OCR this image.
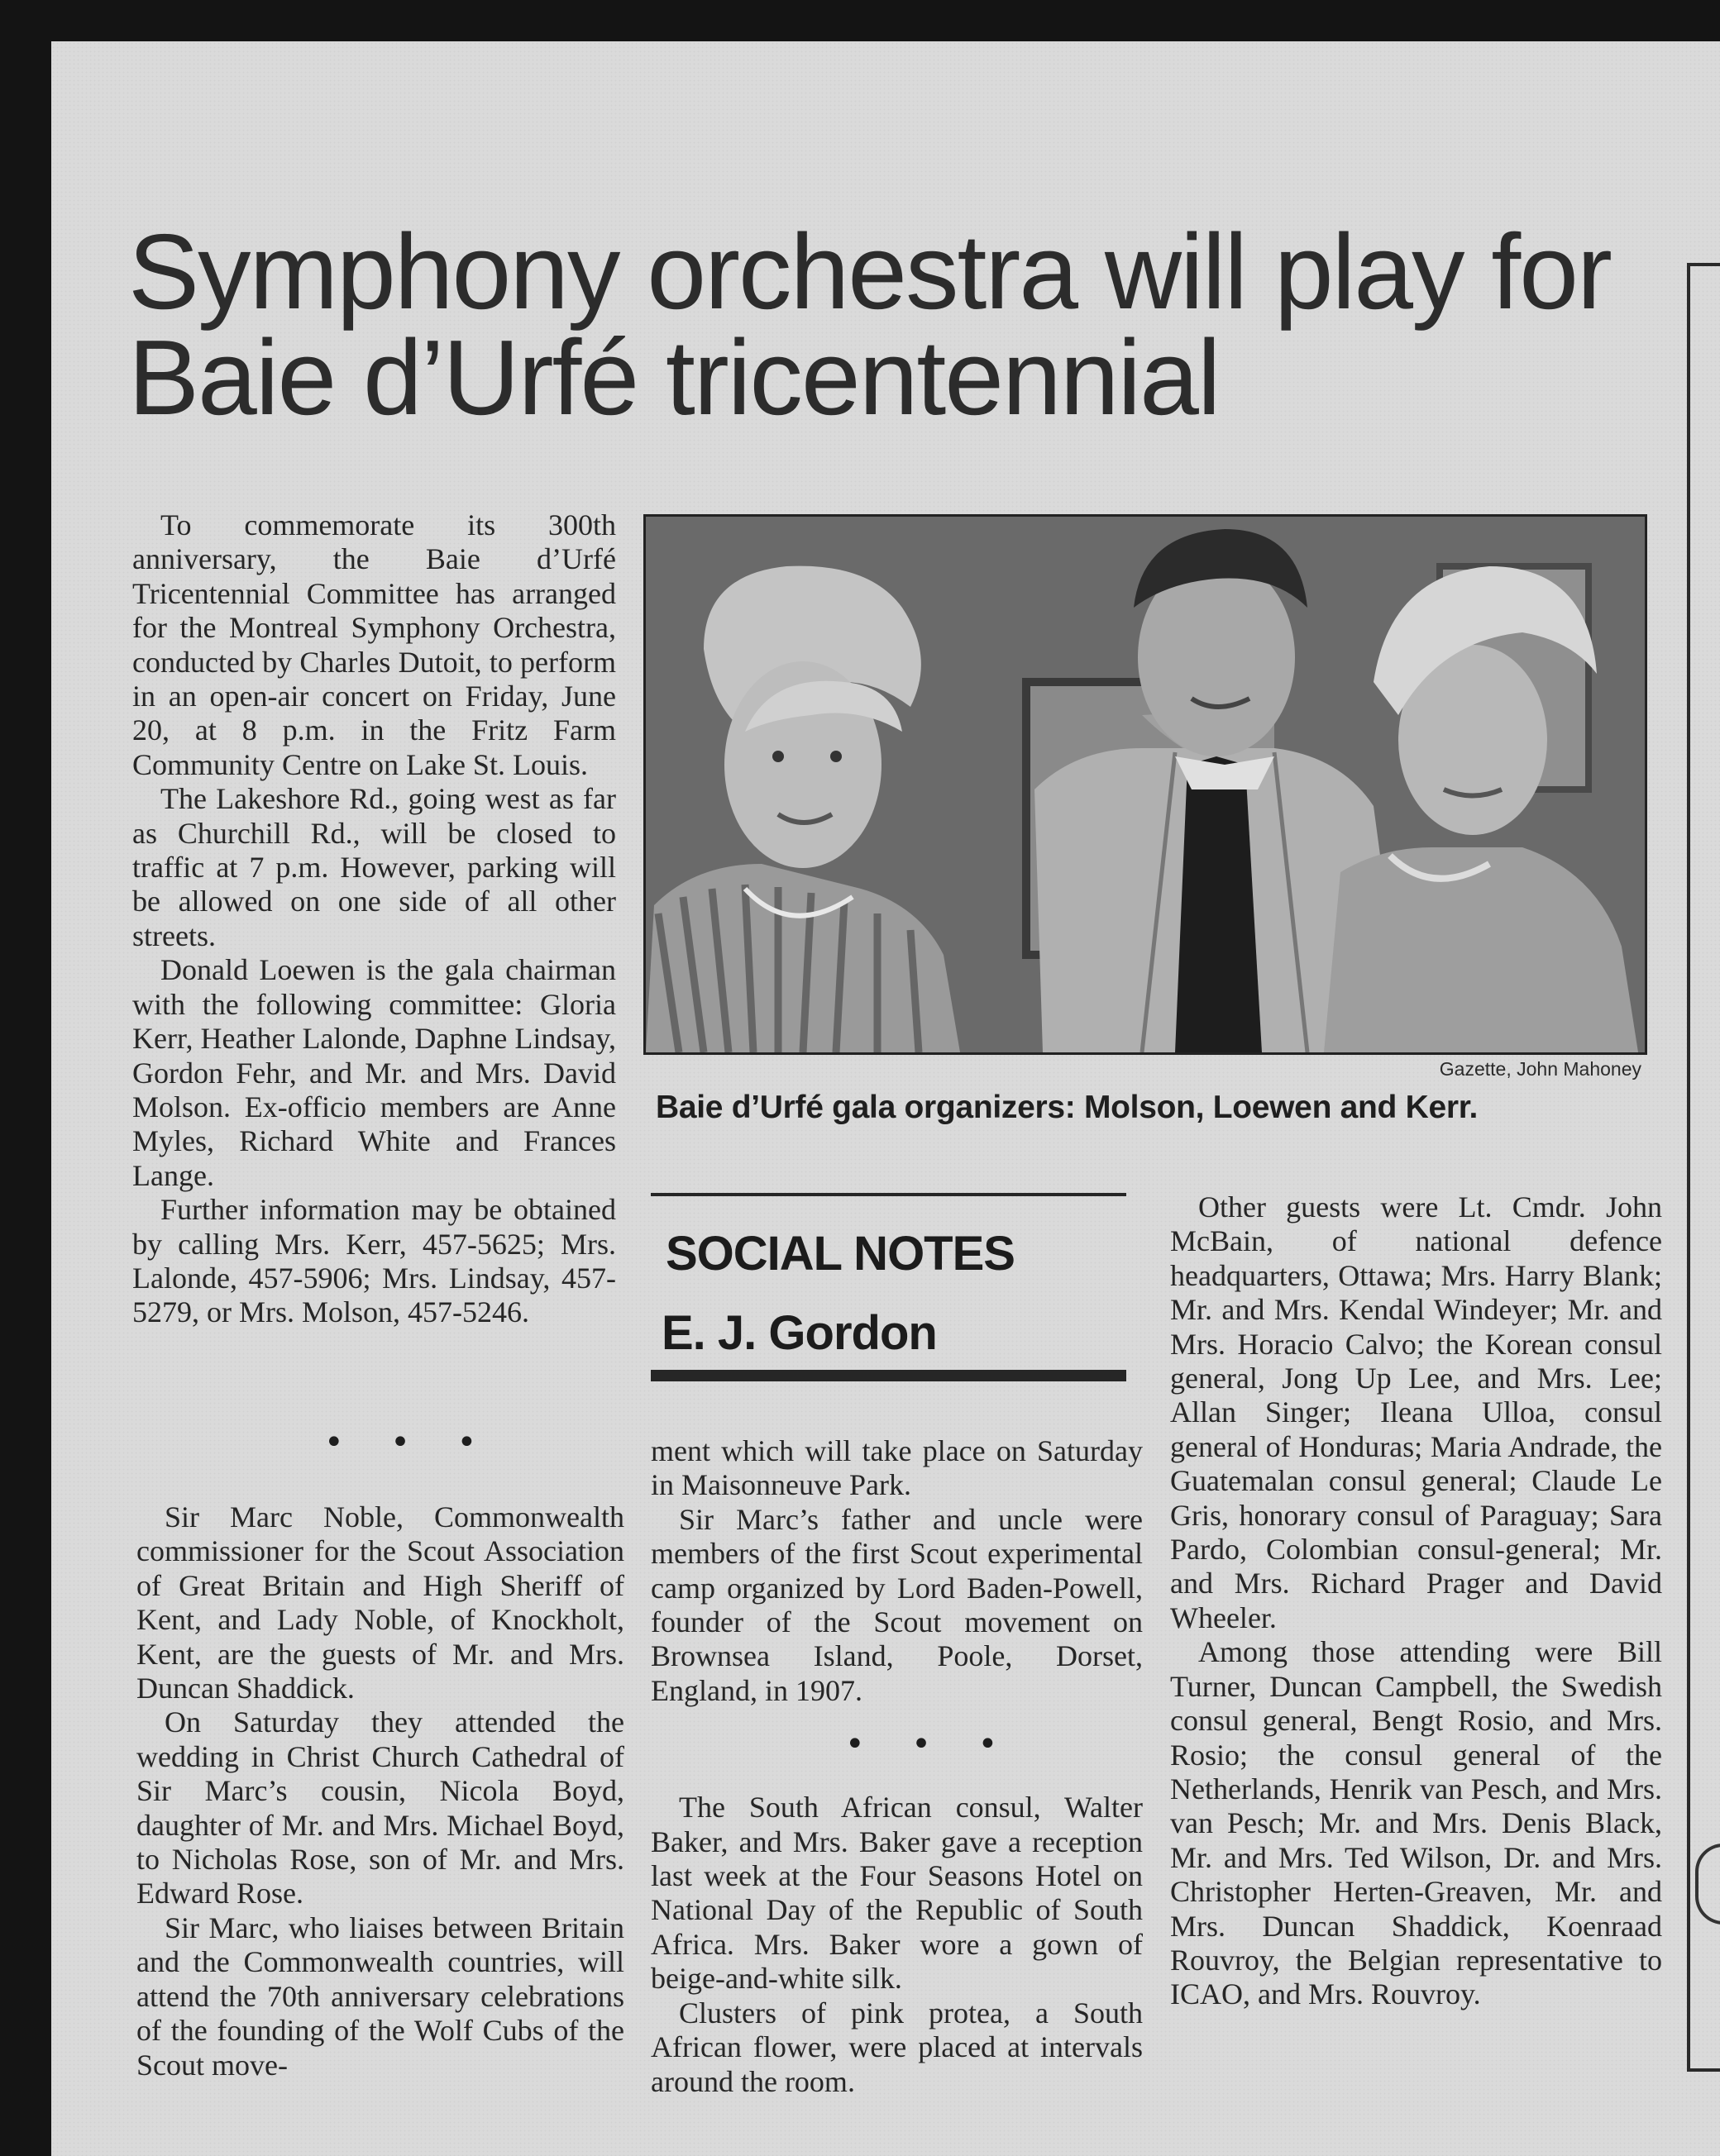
Symphony orchestra will play for Baie d’Urfé tricentennial

To commemorate its 300th anniversary, the Baie d’Urfé Tricentennial Committee has arranged for the Montreal Symphony Orchestra, conducted by Charles Dutoit, to perform in an open-air concert on Friday, June 20, at 8 p.m. in the Fritz Farm Community Centre on Lake St. Louis.

The Lakeshore Rd., going west as far as Churchill Rd., will be closed to traffic at 7 p.m. However, parking will be allowed on one side of all other streets.

Donald Loewen is the gala chairman with the following committee: Gloria Kerr, Heather Lalonde, Daphne Lindsay, Gordon Fehr, and Mr. and Mrs. David Molson. Ex-officio members are Anne Myles, Richard White and Frances Lange.

Further information may be obtained by calling Mrs. Kerr, 457-5625; Mrs. Lalonde, 457-5906; Mrs. Lindsay, 457-5279, or Mrs. Molson, 457-5246.

• • •
Gazette, John Mahoney
Baie d’Urfé gala organizers: Molson, Loewen and Kerr.
SOCIAL NOTES
E. J. Gordon

Sir Marc Noble, Commonwealth commissioner for the Scout Association of Great Britain and High Sheriff of Kent, and Lady Noble, of Knockholt, Kent, are the guests of Mr. and Mrs. Duncan Shaddick.

On Saturday they attended the wedding in Christ Church Cathedral of Sir Marc’s cousin, Nicola Boyd, daughter of Mr. and Mrs. Michael Boyd, to Nicholas Rose, son of Mr. and Mrs. Edward Rose.

Sir Marc, who liaises between Britain and the Commonwealth countries, will attend the 70th anniversary celebrations of the founding of the Wolf Cubs of the Scout move-

ment which will take place on Saturday in Maisonneuve Park.

Sir Marc’s father and uncle were members of the first Scout experimental camp organized by Lord Baden-Powell, founder of the Scout movement on Brownsea Island, Poole, Dorset, England, in 1907.

The South African consul, Walter Baker, and Mrs. Baker gave a reception last week at the Four Seasons Hotel on National Day of the Republic of South Africa. Mrs. Baker wore a gown of beige-and-white silk.

Clusters of pink protea, a South African flower, were placed at intervals around the room.

• • •

Other guests were Lt. Cmdr. John McBain, of national defence headquarters, Ottawa; Mrs. Harry Blank; Mr. and Mrs. Kendal Windeyer; Mr. and Mrs. Horacio Calvo; the Korean consul general, Jong Up Lee, and Mrs. Lee; Allan Singer; Ileana Ulloa, consul general of Honduras; Maria Andrade, the Guatemalan consul general; Claude Le Gris, honorary consul of Paraguay; Sara Pardo, Colombian consul-general; Mr. and Mrs. Richard Prager and David Wheeler.

Among those attending were Bill Turner, Duncan Campbell, the Swedish consul general, Bengt Rosio, and Mrs. Rosio; the consul general of the Netherlands, Henrik van Pesch, and Mrs. van Pesch; Mr. and Mrs. Denis Black, Mr. and Mrs. Ted Wilson, Dr. and Mrs. Christopher Herten-Greaven, Mr. and Mrs. Duncan Shaddick, Koenraad Rouvroy, the Belgian representative to ICAO, and Mrs. Rouvroy.
